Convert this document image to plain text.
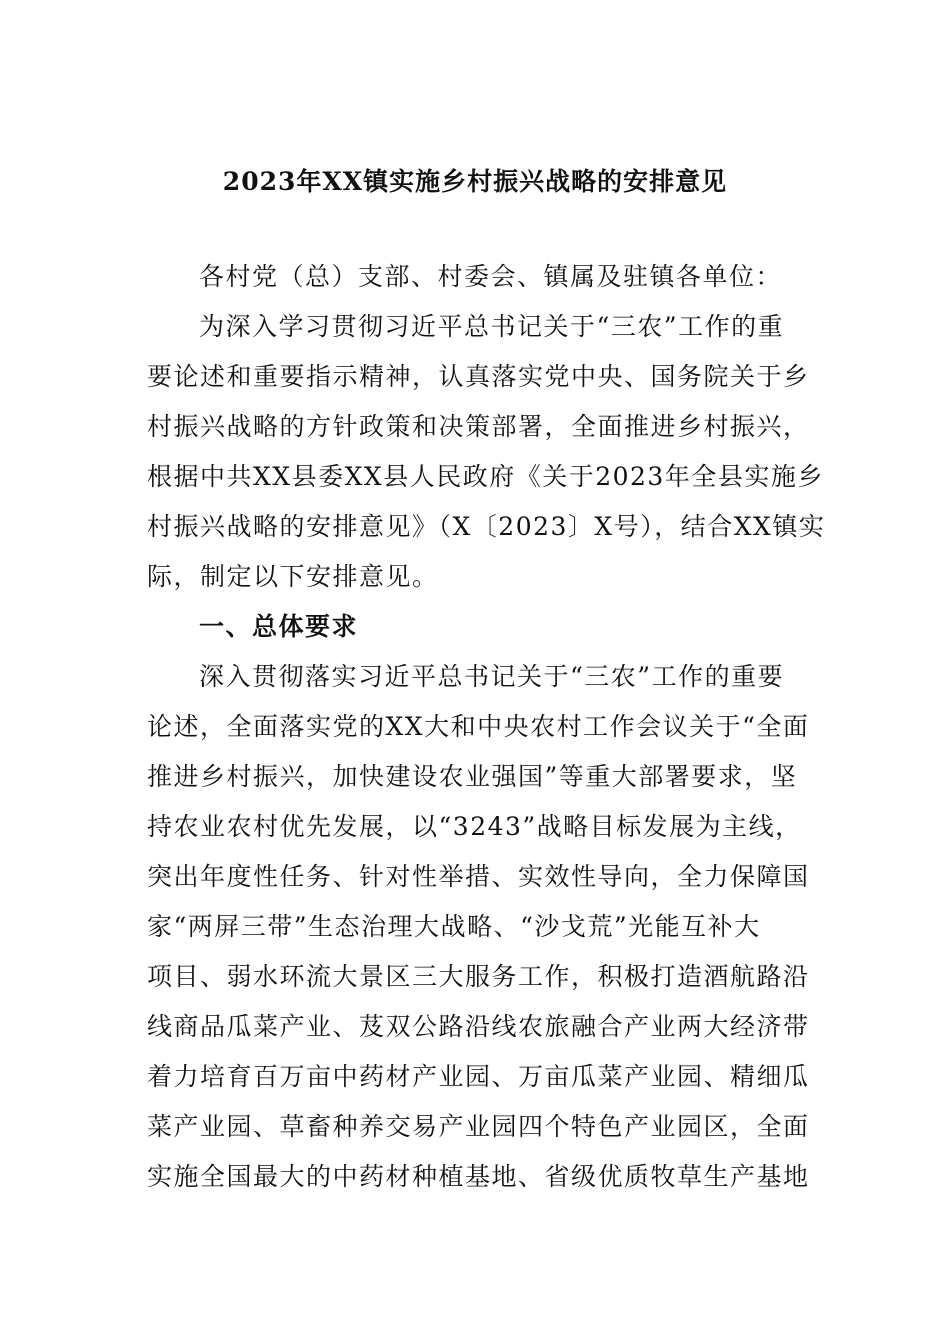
2023年XX镇实施乡村振兴战略的安排意见
各村党（总）支部、村委会、镇属及驻镇各单位：
为深入学习贯彻习近平总书记关于“三农”工作的重
要论述和重要指示精神，认真落实党中央、国务院关于乡
村振兴战略的方针政策和决策部署，全面推进乡村振兴，
根据中共XX县委XX县人民政府《关于2023年全县实施乡
村振兴战略的安排意见》（X〔2023〕X号），结合XX镇实
际，制定以下安排意见。
一、总体要求
深入贯彻落实习近平总书记关于“三农”工作的重要
论述，全面落实党的XX大和中央农村工作会议关于“全面
推进乡村振兴，加快建设农业强国”等重大部署要求，坚
持农业农村优先发展，以“3243”战略目标发展为主线，
突出年度性任务、针对性举措、实效性导向，全力保障国
家“两屏三带”生态治理大战略、“沙戈荒”光能互补大
项目、弱水环流大景区三大服务工作，积极打造酒航路沿
线商品瓜菜产业、芨双公路沿线农旅融合产业两大经济带
着力培育百万亩中药材产业园、万亩瓜菜产业园、精细瓜
菜产业园、草畜种养交易产业园四个特色产业园区，全面
实施全国最大的中药材种植基地、省级优质牧草生产基地
